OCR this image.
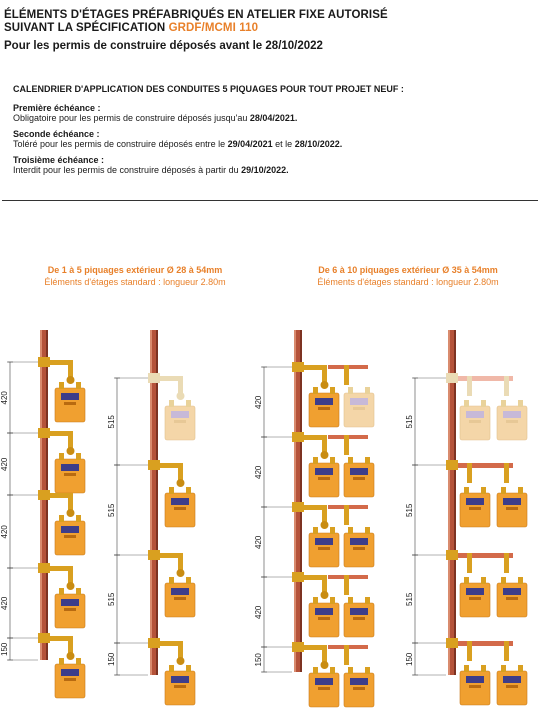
ÉLÉMENTS D'ÉTAGES PRÉFABRIQUÉS EN ATELIER FIXE AUTORISÉ
SUIVANT LA SPÉCIFICATION GRDF/MCMI 110
Pour les permis de construire déposés avant le 28/10/2022
CALENDRIER D'APPLICATION DES CONDUITES 5 PIQUAGES POUR TOUT PROJET NEUF :
Première échéance :
Obligatoire pour les permis de construire déposés jusqu'au 28/04/2021.
Seconde échéance :
Toléré pour les permis de construire déposés entre le 29/04/2021 et le 28/10/2022.
Troisième échéance :
Interdit pour les permis de construire déposés à partir du 29/10/2022.
De 1 à 5 piquages extérieur Ø 28 à 54mm
Éléments d'étages standard : longueur 2.80m
De 6 à 10 piquages extérieur Ø 35 à 54mm
Éléments d'étages standard : longueur 2.80m
420
420
420
420
150
515
515
515
150
420
420
420
420
150
515
515
515
150
